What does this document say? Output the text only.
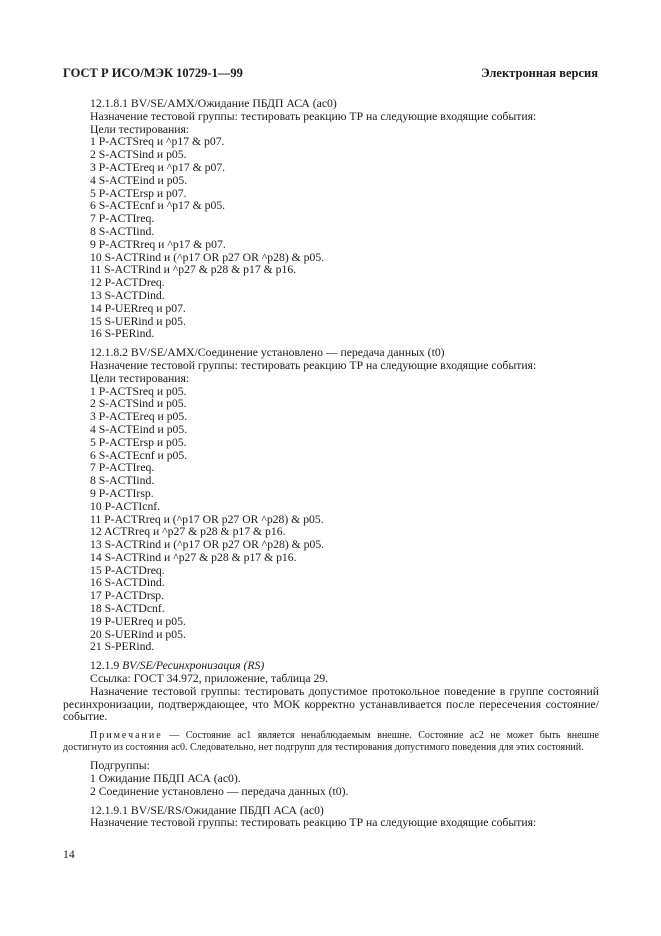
ГОСТ Р ИСО/МЭК 10729-1—99	Электронная версия
12.1.8.1 BV/SE/AMX/Ожидание ПБДП АСА (ас0)
Назначение тестовой группы: тестировать реакцию ТР на следующие входящие события:
Цели тестирования:
1 P-ACTSreq и ^p17 & p07.
2 S-ACTSind и p05.
3 P-ACTEreq и ^p17 & p07.
4 S-ACTEind и p05.
5 P-ACTErsp и p07.
6 S-ACTEcnf и ^p17 & p05.
7 P-ACTIreq.
8 S-ACTIind.
9 P-ACTRreq и ^p17 & p07.
10 S-ACTRind и (^p17 OR p27 OR ^p28) & p05.
11 S-ACTRind и ^p27 & p28 & p17 & p16.
12 P-ACTDreq.
13 S-ACTDind.
14 P-UERreq и p07.
15 S-UERind и p05.
16 S-PERind.
12.1.8.2 BV/SE/AMX/Соединение установлено — передача данных (t0)
Назначение тестовой группы: тестировать реакцию ТР на следующие входящие события:
Цели тестирования:
1 P-ACTSreq и p05.
2 S-ACTSind и p05.
3 P-ACTEreq и p05.
4 S-ACTEind и p05.
5 P-ACTErsp и p05.
6 S-ACTEcnf и p05.
7 P-ACTIreq.
8 S-ACTIind.
9 P-ACTIrsp.
10 P-ACTIcnf.
11 P-ACTRreq и (^p17 OR p27 OR ^p28) & p05.
12 ACTRreq и ^p27 & p28 & p17 & p16.
13 S-ACTRind и (^p17 OR p27 OR ^p28) & p05.
14 S-ACTRind и ^p27 & p28 & p17 & p16.
15 P-ACTDreq.
16 S-ACTDind.
17 P-ACTDrsp.
18 S-ACTDcnf.
19 P-UERreq и p05.
20 S-UERind и p05.
21 S-PERind.
12.1.9 BV/SE/Ресинхронизация (RS)
Ссылка: ГОСТ 34.972, приложение, таблица 29.
Назначение тестовой группы: тестировать допустимое протокольное поведение в группе состояний ресинхронизации, подтверждающее, что МОК корректно устанавливается после пересечения состояние/событие.
Примечание — Состояние ас1 является ненаблюдаемым внешне. Состояние ас2 не может быть внешне достигнуто из состояния ас0. Следовательно, нет подгрупп для тестирования допустимого поведения для этих состояний.
Подгруппы:
1 Ожидание ПБДП АСА (ас0).
2 Соединение установлено — передача данных (t0).
12.1.9.1 BV/SE/RS/Ожидание ПБДП АСА (ас0)
Назначение тестовой группы: тестировать реакцию ТР на следующие входящие события:
14
